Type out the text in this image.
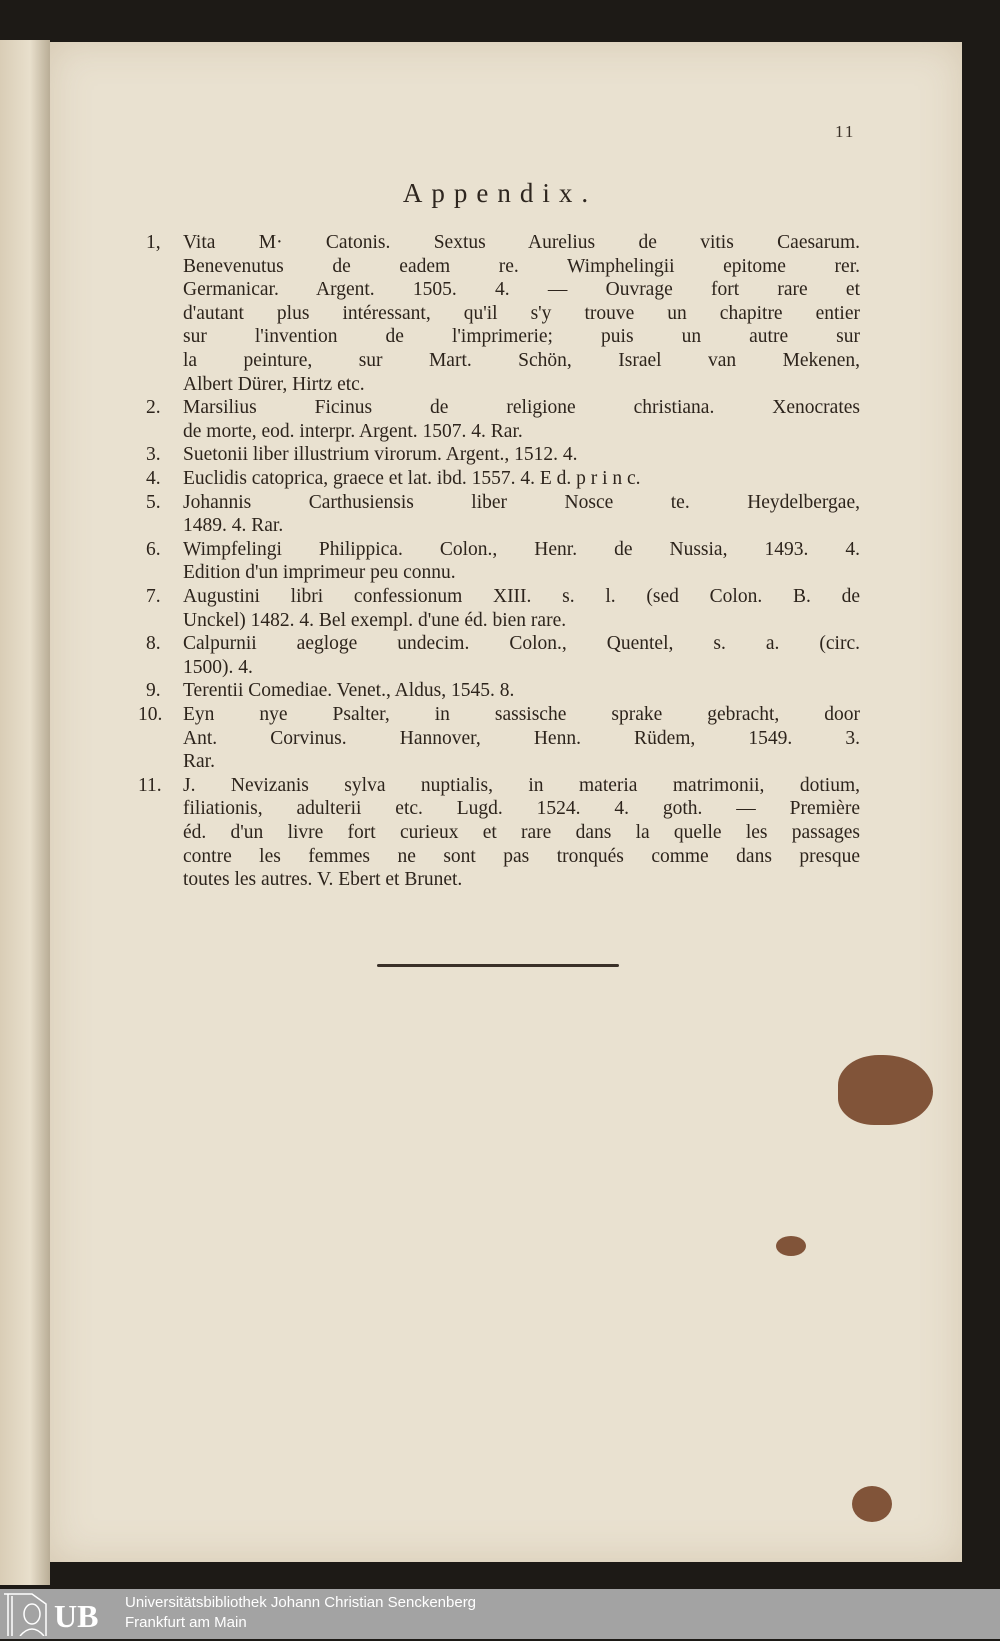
11
Appendix.
1, Vita M· Catonis. Sextus Aurelius de vitis Caesarum.
Benevenutus de eadem re. Wimphelingii epitome rer.
Germanicar. Argent. 1505. 4. — Ouvrage fort rare et
d'autant plus intéressant, qu'il s'y trouve un chapitre entier
sur l'invention de l'imprimerie; puis un autre sur
la peinture, sur Mart. Schön, Israel van Mekenen,
Albert Dürer, Hirtz etc.
2. Marsilius Ficinus de religione christiana. Xenocrates
de morte, eod. interpr. Argent. 1507. 4. Rar.
3. Suetonii liber illustrium virorum. Argent., 1512. 4.
4. Euclidis catoprica, graece et lat. ibd. 1557. 4. E d. p r i n c.
5. Johannis Carthusiensis liber Nosce te. Heydelbergae,
1489. 4. Rar.
6. Wimpfelingi Philippica. Colon., Henr. de Nussia, 1493. 4.
Edition d'un imprimeur peu connu.
7. Augustini libri confessionum XIII. s. l. (sed Colon. B. de
Unckel) 1482. 4. Bel exempl. d'une éd. bien rare.
8. Calpurnii aegloge undecim. Colon., Quentel, s. a. (circ.
1500). 4.
9. Terentii Comediae. Venet., Aldus, 1545. 8.
10. Eyn nye Psalter, in sassische sprake gebracht, door
Ant. Corvinus. Hannover, Henn. Rüdem, 1549. 3.
Rar.
11. J. Nevizanis sylva nuptialis, in materia matrimonii, dotium,
filiationis, adulterii etc. Lugd. 1524. 4. goth. — Première
éd. d'un livre fort curieux et rare dans la quelle les passages
contre les femmes ne sont pas tronqués comme dans presque
toutes les autres. V. Ebert et Brunet.
UB Universitätsbibliothek Johann Christian Senckenberg
Frankfurt am Main
